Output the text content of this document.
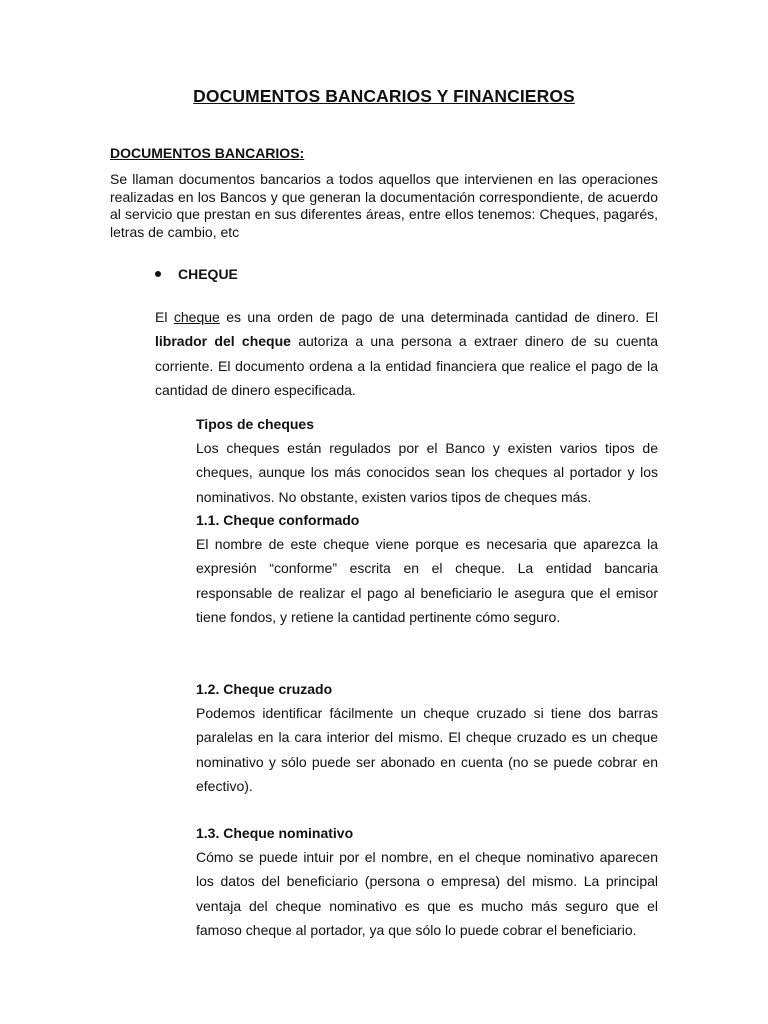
DOCUMENTOS BANCARIOS Y FINANCIEROS
DOCUMENTOS BANCARIOS:

Se llaman documentos bancarios a todos aquellos que intervienen en las operaciones realizadas en los Bancos y que generan la documentación correspondiente, de acuerdo al servicio que prestan en sus diferentes áreas, entre ellos tenemos: Cheques, pagarés, letras de cambio, etc

CHEQUE

El cheque es una orden de pago de una determinada cantidad de dinero. El librador del cheque autoriza a una persona a extraer dinero de su cuenta corriente. El documento ordena a la entidad financiera que realice el pago de la cantidad de dinero especificada.

Tipos de cheques

Los cheques están regulados por el Banco y existen varios tipos de cheques, aunque los más conocidos sean los cheques al portador y los nominativos. No obstante, existen varios tipos de cheques más.

1.1. Cheque conformado

El nombre de este cheque viene porque es necesaria que aparezca la expresión “conforme” escrita en el cheque. La entidad bancaria responsable de realizar el pago al beneficiario le asegura que el emisor tiene fondos, y retiene la cantidad pertinente cómo seguro.

1.2. Cheque cruzado

Podemos identificar fácilmente un cheque cruzado si tiene dos barras paralelas en la cara interior del mismo. El cheque cruzado es un cheque nominativo y sólo puede ser abonado en cuenta (no se puede cobrar en efectivo).

1.3. Cheque nominativo

Cómo se puede intuir por el nombre, en el cheque nominativo aparecen los datos del beneficiario (persona o empresa) del mismo. La principal ventaja del cheque nominativo es que es mucho más seguro que el famoso cheque al portador, ya que sólo lo puede cobrar el beneficiario.
